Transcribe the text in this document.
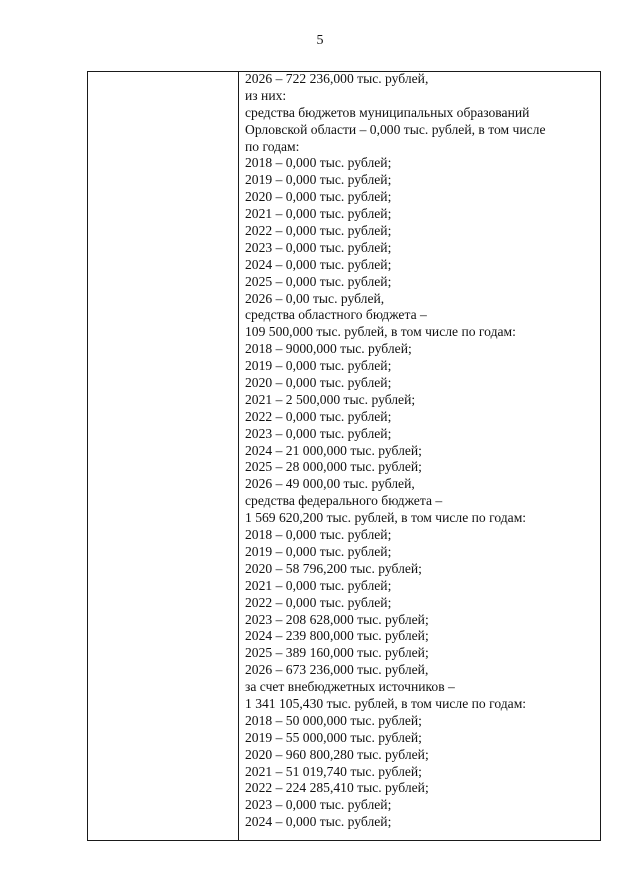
5
2026 – 722 236,000 тыс. рублей,
из них:
средства бюджетов муниципальных образований
Орловской области – 0,000 тыс. рублей, в том числе
по годам:
2018 – 0,000 тыс. рублей;
2019 – 0,000 тыс. рублей;
2020 – 0,000 тыс. рублей;
2021 – 0,000 тыс. рублей;
2022 – 0,000 тыс. рублей;
2023 – 0,000 тыс. рублей;
2024 – 0,000 тыс. рублей;
2025 – 0,000 тыс. рублей;
2026 – 0,00 тыс. рублей,
средства областного бюджета –
109 500,000 тыс. рублей, в том числе по годам:
2018 – 9000,000 тыс. рублей;
2019 – 0,000 тыс. рублей;
2020 – 0,000 тыс. рублей;
2021 – 2 500,000 тыс. рублей;
2022 – 0,000 тыс. рублей;
2023 – 0,000 тыс. рублей;
2024 – 21 000,000 тыс. рублей;
2025 – 28 000,000 тыс. рублей;
2026 – 49 000,00 тыс. рублей,
средства федерального бюджета –
1 569 620,200 тыс. рублей, в том числе по годам:
2018 – 0,000 тыс. рублей;
2019 – 0,000 тыс. рублей;
2020 – 58 796,200 тыс. рублей;
2021 – 0,000 тыс. рублей;
2022 – 0,000 тыс. рублей;
2023 – 208 628,000 тыс. рублей;
2024 – 239 800,000 тыс. рублей;
2025 – 389 160,000 тыс. рублей;
2026 – 673 236,000 тыс. рублей,
за счет внебюджетных источников –
1 341 105,430 тыс. рублей, в том числе по годам:
2018 – 50 000,000 тыс. рублей;
2019 – 55 000,000 тыс. рублей;
2020 – 960 800,280 тыс. рублей;
2021 – 51 019,740 тыс. рублей;
2022 – 224 285,410 тыс. рублей;
2023 – 0,000 тыс. рублей;
2024 – 0,000 тыс. рублей;
